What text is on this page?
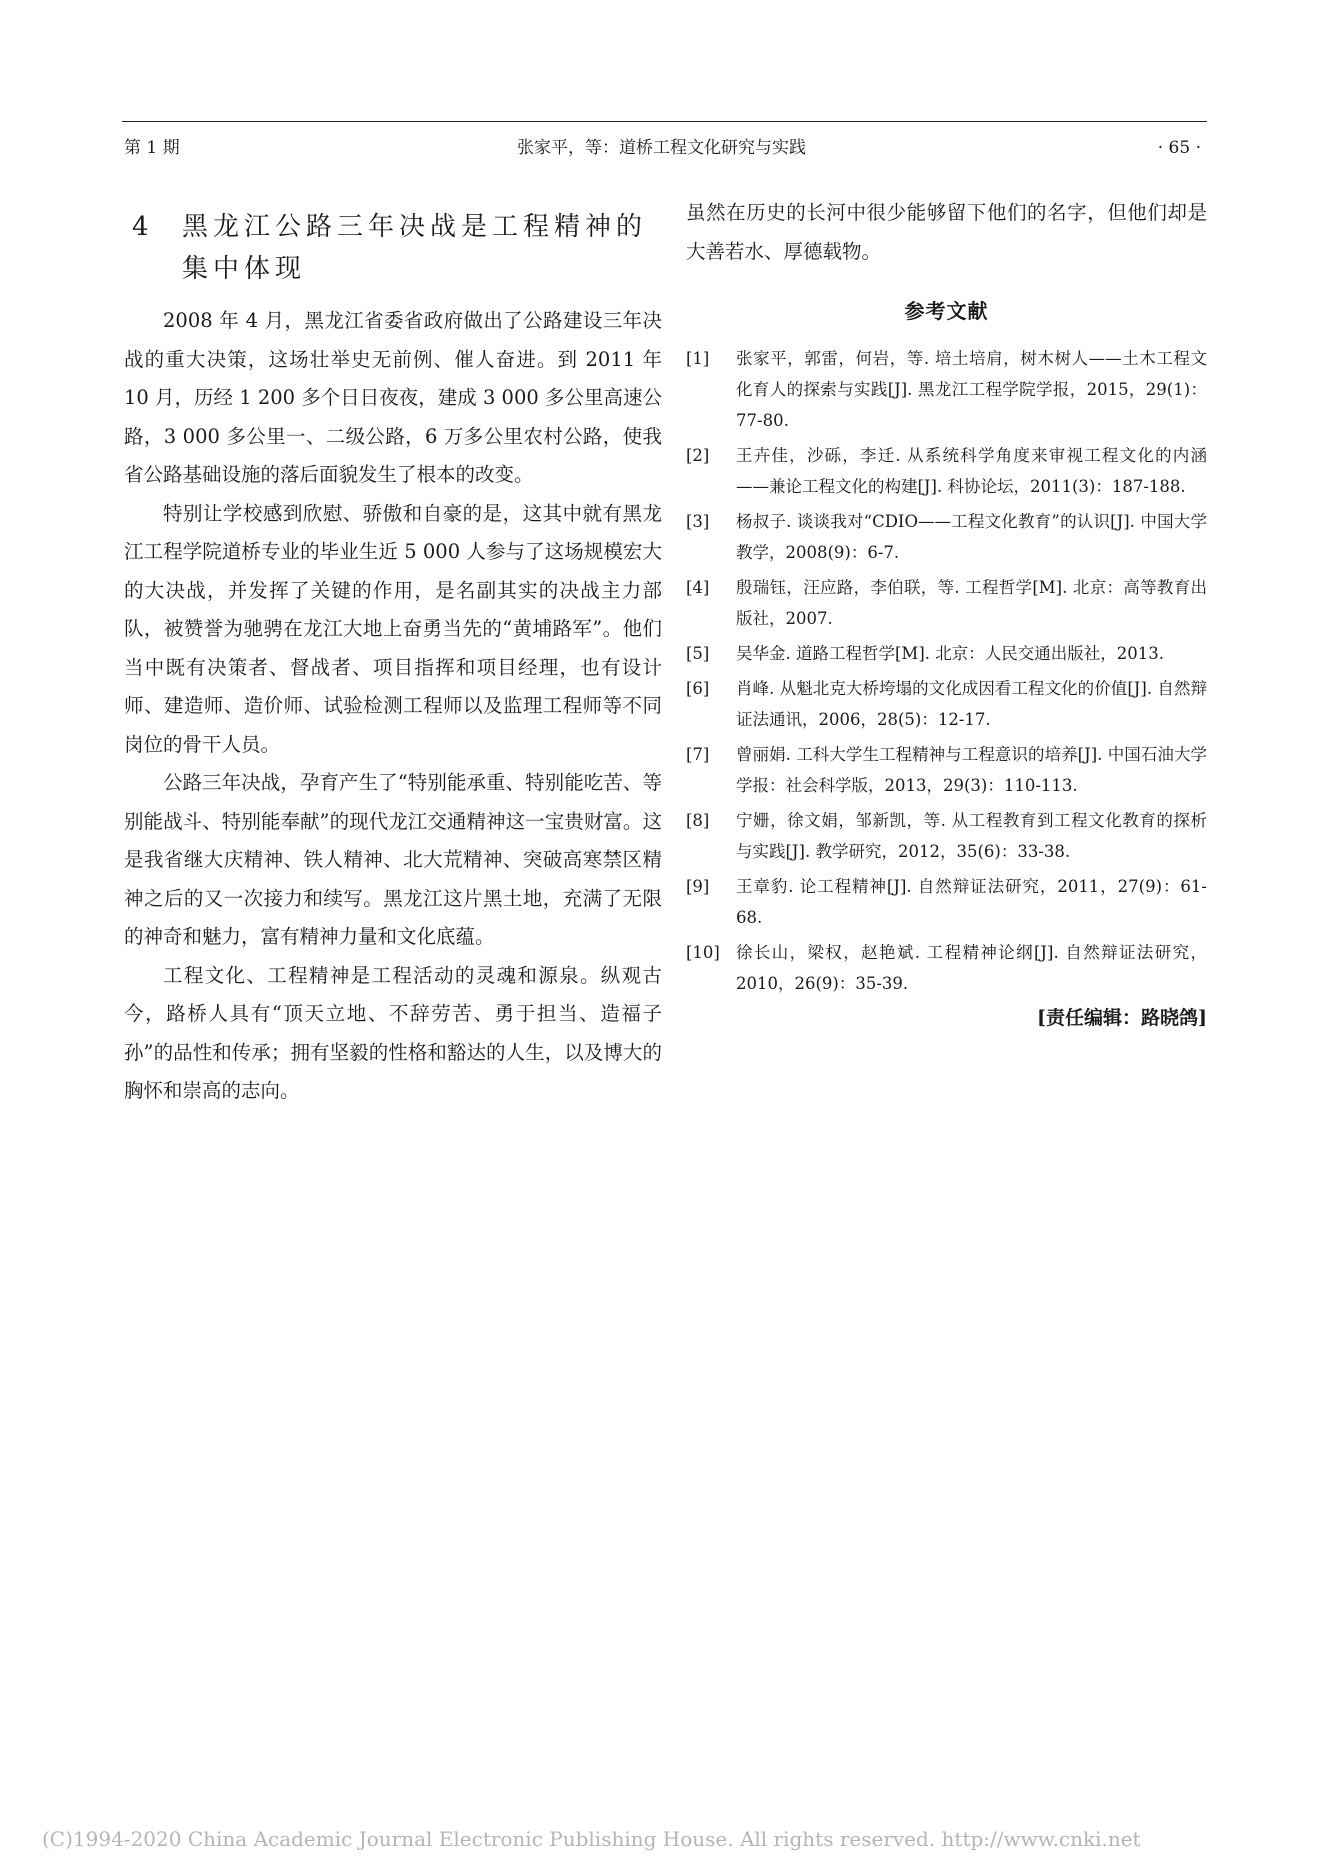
张家平，等：道桥工程文化研究与实践
第 1 期	· 65 ·
4	黑龙江公路三年决战是工程精神的集中体现

2008 年 4 月，黑龙江省委省政府做出了公路建设三年决战的重大决策，这场壮举史无前例、催人奋进。到 2011 年 10 月，历经 1 200 多个日日夜夜，建成 3 000 多公里高速公路，3 000 多公里一、二级公路，6 万多公里农村公路，使我省公路基础设施的落后面貌发生了根本的改变。

特别让学校感到欣慰、骄傲和自豪的是，这其中就有黑龙江工程学院道桥专业的毕业生近 5 000 人参与了这场规模宏大的大决战，并发挥了关键的作用，是名副其实的决战主力部队，被赞誉为驰骋在龙江大地上奋勇当先的“黄埔路军”。他们当中既有决策者、督战者、项目指挥和项目经理，也有设计师、建造师、造价师、试验检测工程师以及监理工程师等不同岗位的骨干人员。

公路三年决战，孕育产生了“特别能承重、特别能吃苦、等别能战斗、特别能奉献”的现代龙江交通精神这一宝贵财富。这是我省继大庆精神、铁人精神、北大荒精神、突破高寒禁区精神之后的又一次接力和续写。黑龙江这片黑土地，充满了无限的神奇和魅力，富有精神力量和文化底蕴。

工程文化、工程精神是工程活动的灵魂和源泉。纵观古今，路桥人具有“顶天立地、不辞劳苦、勇于担当、造福子孙”的品性和传承；拥有坚毅的性格和豁达的人生，以及博大的胸怀和崇高的志向。

虽然在历史的长河中很少能够留下他们的名字，但他们却是大善若水、厚德载物。

参考文献
[1]	张家平，郭雷，何岩，等. 培土培肩，树木树人——土木工程文化育人的探索与实践[J]. 黑龙江工程学院学报，2015，29(1)：77-80.
[2]	王卉佳，沙砾，李迁. 从系统科学角度来审视工程文化的内涵——兼论工程文化的构建[J]. 科协论坛，2011(3)：187-188.
[3]	杨叔子. 谈谈我对“CDIO——工程文化教育”的认识[J]. 中国大学教学，2008(9)：6-7.
[4]	殷瑞钰，汪应路，李伯联，等. 工程哲学[M]. 北京：高等教育出版社，2007.
[5]	吴华金. 道路工程哲学[M]. 北京：人民交通出版社，2013.
[6]	肖峰. 从魁北克大桥垮塌的文化成因看工程文化的价值[J]. 自然辩证法通讯，2006，28(5)：12-17.
[7]	曾丽娟. 工科大学生工程精神与工程意识的培养[J]. 中国石油大学学报：社会科学版，2013，29(3)：110-113.
[8]	宁姗，徐文娟，邹新凯，等. 从工程教育到工程文化教育的探析与实践[J]. 教学研究，2012，35(6)：33-38.
[9]	王章豹. 论工程精神[J]. 自然辩证法研究，2011，27(9)：61-68.
[10] 徐长山，梁权，赵艳斌. 工程精神论纲[J]. 自然辩证法研究，2010，26(9)：35-39.
[责任编辑：路晓鸽]
(C)1994-2020 China Academic Journal Electronic Publishing House. All rights reserved. http://www.cnki.net
